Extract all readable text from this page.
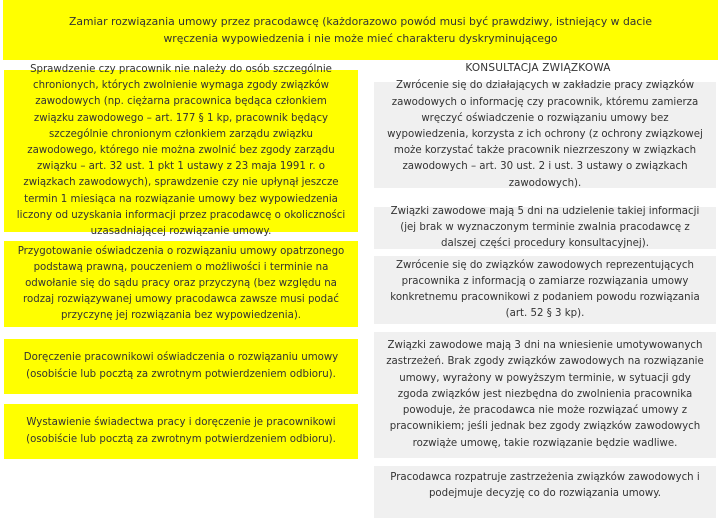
Zamiar rozwiązania umowy przez pracodawcę (każdorazowo powód musi być prawdziwy, istniejący w dacie
wręczenia wypowiedzenia i nie może mieć charakteru dyskryminującego
Sprawdzenie czy pracownik nie należy do osób szczególnie chronionych, których zwolnienie wymaga zgody związków zawodowych (np. ciężarna pracownica będąca członkiem związku zawodowego – art. 177 § 1 kp, pracownik będący szczególnie chronionym członkiem zarządu związku zawodowego, którego nie można zwolnić bez zgody zarządu związku – art. 32 ust. 1 pkt 1 ustawy z 23 maja 1991 r. o związkach zawodowych), sprawdzenie czy nie upłynął jeszcze termin 1 miesiąca na rozwiązanie umowy bez wypowiedzenia liczony od uzyskania informacji przez pracodawcę o okoliczności uzasadniającej rozwiązanie umowy.
Przygotowanie oświadczenia o rozwiązaniu umowy opatrzonego podstawą prawną, pouczeniem o możliwości i terminie na odwołanie się do sądu pracy oraz przyczyną (bez względu na rodzaj rozwiązywanej umowy pracodawca zawsze musi podać przyczynę jej rozwiązania bez wypowiedzenia).
Doręczenie pracownikowi oświadczenia o rozwiązaniu umowy (osobiście lub pocztą za zwrotnym potwierdzeniem odbioru).
Wystawienie świadectwa pracy i doręczenie je pracownikowi (osobiście lub pocztą za zwrotnym potwierdzeniem odbioru).
KONSULTACJA ZWIĄZKOWA
Zwrócenie się do działających w zakładzie pracy związków zawodowych o informację czy pracownik, któremu zamierza wręczyć oświadczenie o rozwiązaniu umowy bez wypowiedzenia, korzysta z ich ochrony (z ochrony związkowej może korzystać także pracownik niezrzeszony w związkach zawodowych – art. 30 ust. 2 i ust. 3 ustawy o związkach zawodowych).
Związki zawodowe mają 5 dni na udzielenie takiej informacji (jej brak w wyznaczonym terminie zwalnia pracodawcę z dalszej części procedury konsultacyjnej).
Zwrócenie się do związków zawodowych reprezentujących pracownika z informacją o zamiarze rozwiązania umowy konkretnemu pracownikowi z podaniem powodu rozwiązania (art. 52 § 3 kp).
Związki zawodowe mają 3 dni na wniesienie umotywowanych zastrzeżeń. Brak zgody związków zawodowych na rozwiązanie umowy, wyrażony w powyższym terminie, w sytuacji gdy zgoda związków jest niezbędna do zwolnienia pracownika powoduje, że pracodawca nie może rozwiązać umowy z pracownikiem; jeśli jednak bez zgody związków zawodowych rozwiąże umowę, takie rozwiązanie będzie wadliwe.
Pracodawca rozpatruje zastrzeżenia związków zawodowych i podejmuje decyzję co do rozwiązania umowy.
